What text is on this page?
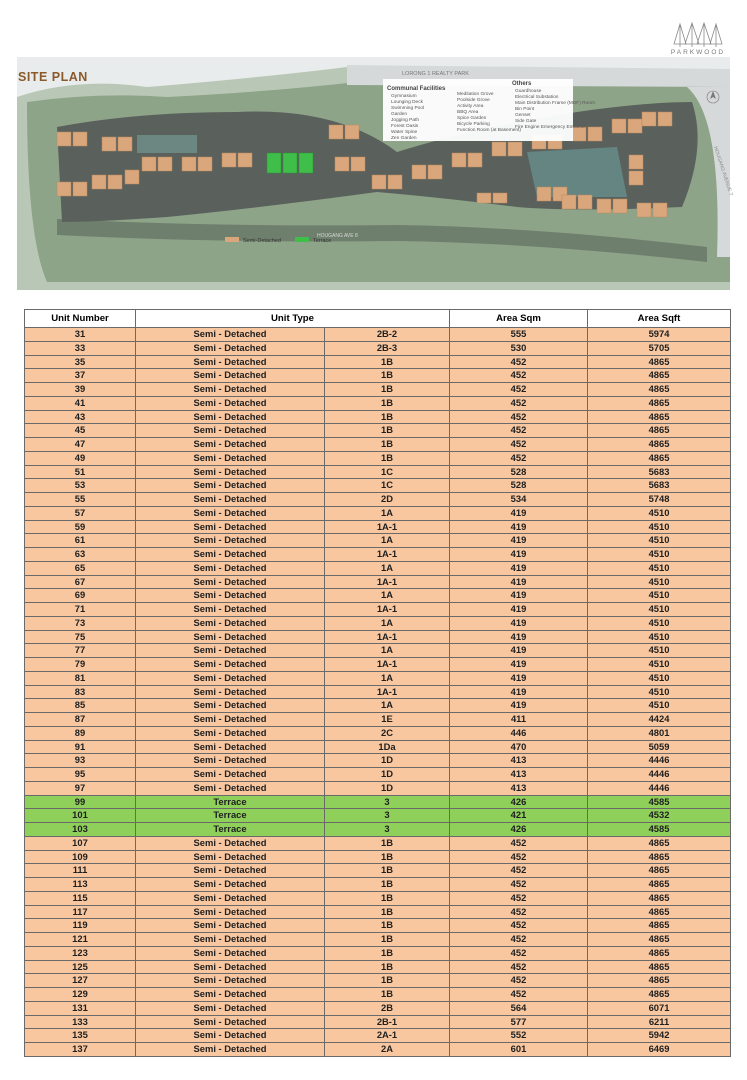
PARKWOOD
LORONG 1 REALTY PARK
HOUGANG AVENUE 7
HOUGANG AVE 8
Communal Facilities
Gymnasium
Lounging Deck
Swimming Pool
Garden
Jogging Path
Forest Oasis
Water Spine
Zen Garden
Meditation Grove
Poolside Grove
Activity Area
BBQ Area
Spice Garden
Bicycle Parking
Function Room (at Basement)
Others
Guardhouse
Electrical Substation
Main Distribution Frame (MDF) Room
Bin Point
Genset
Side Gate
Fire Engine Emergency Entrance
Semi-Detached	Terrace
SITE PLAN
Unit Number	Unit Type		Area Sqm	Area Sqft
31	Semi - Detached	2B-2	555	5974
33	Semi - Detached	2B-3	530	5705
35	Semi - Detached	1B	452	4865
37	Semi - Detached	1B	452	4865
39	Semi - Detached	1B	452	4865
41	Semi - Detached	1B	452	4865
43	Semi - Detached	1B	452	4865
45	Semi - Detached	1B	452	4865
47	Semi - Detached	1B	452	4865
49	Semi - Detached	1B	452	4865
51	Semi - Detached	1C	528	5683
53	Semi - Detached	1C	528	5683
55	Semi - Detached	2D	534	5748
57	Semi - Detached	1A	419	4510
59	Semi - Detached	1A-1	419	4510
61	Semi - Detached	1A	419	4510
63	Semi - Detached	1A-1	419	4510
65	Semi - Detached	1A	419	4510
67	Semi - Detached	1A-1	419	4510
69	Semi - Detached	1A	419	4510
71	Semi - Detached	1A-1	419	4510
73	Semi - Detached	1A	419	4510
75	Semi - Detached	1A-1	419	4510
77	Semi - Detached	1A	419	4510
79	Semi - Detached	1A-1	419	4510
81	Semi - Detached	1A	419	4510
83	Semi - Detached	1A-1	419	4510
85	Semi - Detached	1A	419	4510
87	Semi - Detached	1E	411	4424
89	Semi - Detached	2C	446	4801
91	Semi - Detached	1Da	470	5059
93	Semi - Detached	1D	413	4446
95	Semi - Detached	1D	413	4446
97	Semi - Detached	1D	413	4446
99	Terrace	3	426	4585
101	Terrace	3	421	4532
103	Terrace	3	426	4585
107	Semi - Detached	1B	452	4865
109	Semi - Detached	1B	452	4865
111	Semi - Detached	1B	452	4865
113	Semi - Detached	1B	452	4865
115	Semi - Detached	1B	452	4865
117	Semi - Detached	1B	452	4865
119	Semi - Detached	1B	452	4865
121	Semi - Detached	1B	452	4865
123	Semi - Detached	1B	452	4865
125	Semi - Detached	1B	452	4865
127	Semi - Detached	1B	452	4865
129	Semi - Detached	1B	452	4865
131	Semi - Detached	2B	564	6071
133	Semi - Detached	2B-1	577	6211
135	Semi - Detached	2A-1	552	5942
137	Semi - Detached	2A	601	6469
